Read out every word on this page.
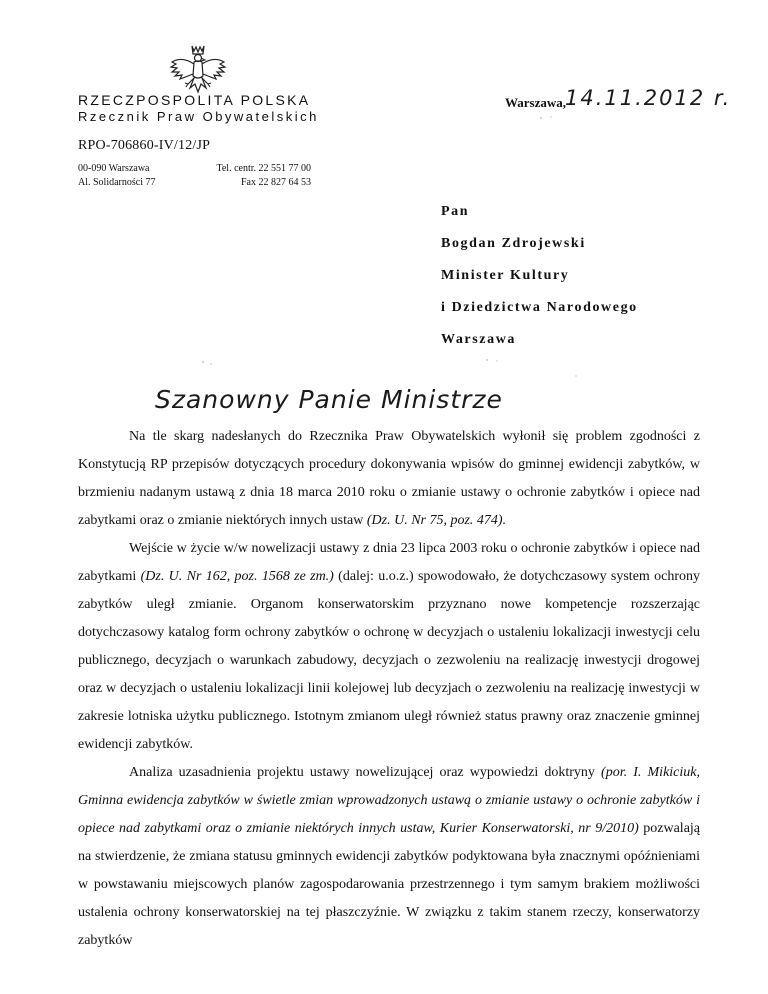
RZECZPOSPOLITA POLSKA
Rzecznik Praw Obywatelskich
RPO-706860-IV/12/JP
00-090 Warszawa
Al. Solidarności 77
Tel. centr. 22 551 77 00
Fax 22 827 64 53
Warszawa,
14.11.2012 r.
Pan
Bogdan Zdrojewski
Minister Kultury
i Dziedzictwa Narodowego
Warszawa
Szanowny Panie Ministrze

Na tle skarg nadesłanych do Rzecznika Praw Obywatelskich wyłonił się problem zgodności z Konstytucją RP przepisów dotyczących procedury dokonywania wpisów do gminnej ewidencji zabytków, w brzmieniu nadanym ustawą z dnia 18 marca 2010 roku o zmianie ustawy o ochronie zabytków i opiece nad zabytkami oraz o zmianie niektórych innych ustaw (Dz. U. Nr 75, poz. 474).

Wejście w życie w/w nowelizacji ustawy z dnia 23 lipca 2003 roku o ochronie zabytków i opiece nad zabytkami (Dz. U. Nr 162, poz. 1568 ze zm.) (dalej: u.o.z.) spowodowało, że dotychczasowy system ochrony zabytków uległ zmianie. Organom konserwatorskim przyznano nowe kompetencje rozszerzając dotychczasowy katalog form ochrony zabytków o ochronę w decyzjach o ustaleniu lokalizacji inwestycji celu publicznego, decyzjach o warunkach zabudowy, decyzjach o zezwoleniu na realizację inwestycji drogowej oraz w decyzjach o ustaleniu lokalizacji linii kolejowej lub decyzjach o zezwoleniu na realizację inwestycji w zakresie lotniska użytku publicznego. Istotnym zmianom uległ również status prawny oraz znaczenie gminnej ewidencji zabytków.

Analiza uzasadnienia projektu ustawy nowelizującej oraz wypowiedzi doktryny (por. I. Mikiciuk, Gminna ewidencja zabytków w świetle zmian wprowadzonych ustawą o zmianie ustawy o ochronie zabytków i opiece nad zabytkami oraz o zmianie niektórych innych ustaw, Kurier Konserwatorski, nr 9/2010) pozwalają na stwierdzenie, że zmiana statusu gminnych ewidencji zabytków podyktowana była znacznymi opóźnieniami w powstawaniu miejscowych planów zagospodarowania przestrzennego i tym samym brakiem możliwości ustalenia ochrony konserwatorskiej na tej płaszczyźnie. W związku z takim stanem rzeczy, konserwatorzy zabytków
